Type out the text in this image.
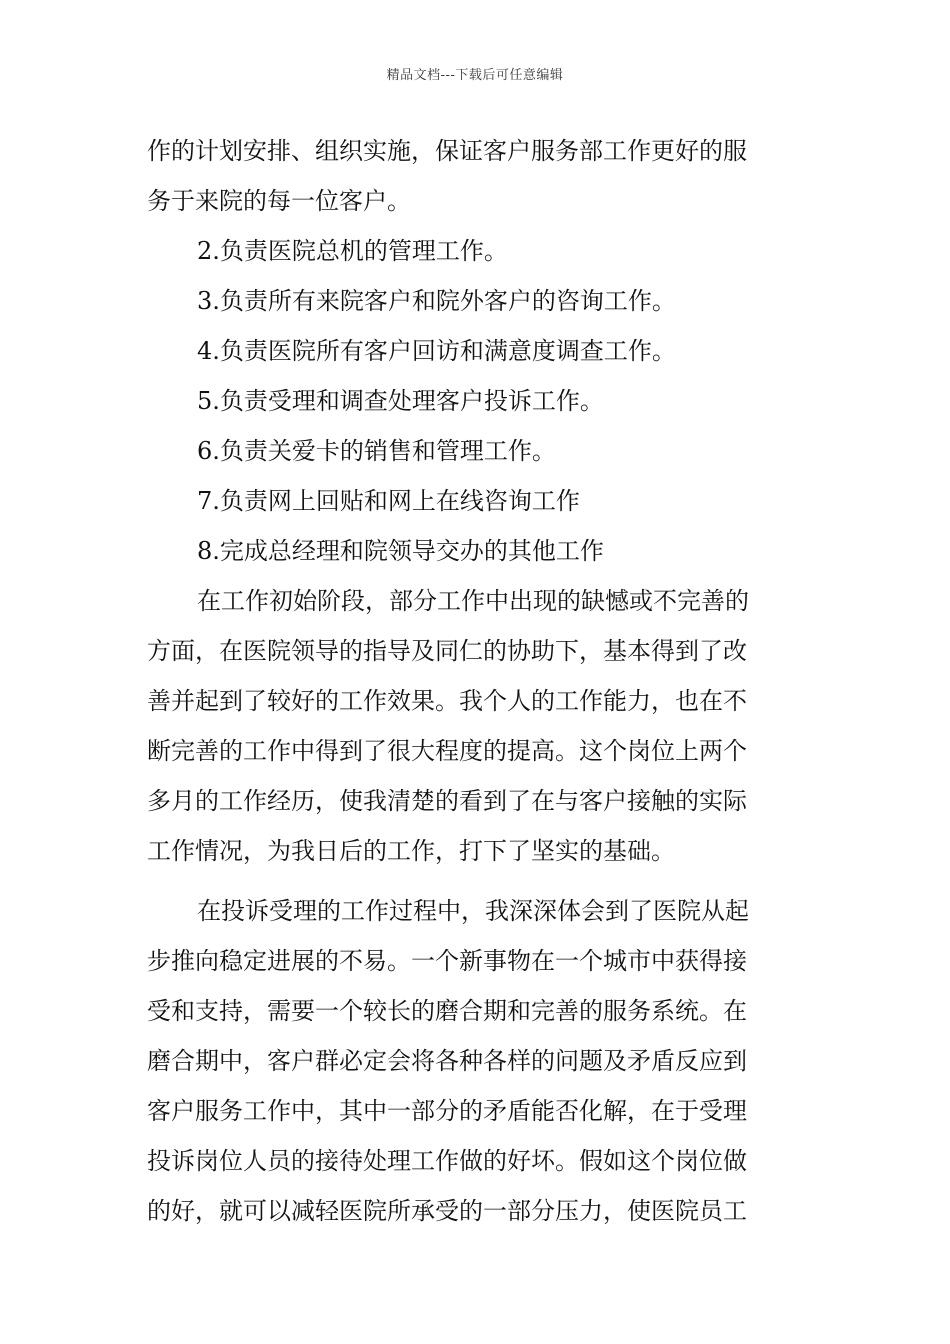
精品文档---下载后可任意编辑
作的计划安排、组织实施，保证客户服务部工作更好的服
务于来院的每一位客户。
2.负责医院总机的管理工作。
3.负责所有来院客户和院外客户的咨询工作。
4.负责医院所有客户回访和满意度调查工作。
5.负责受理和调查处理客户投诉工作。
6.负责关爱卡的销售和管理工作。
7.负责网上回贴和网上在线咨询工作
8.完成总经理和院领导交办的其他工作
在工作初始阶段，部分工作中出现的缺憾或不完善的
方面，在医院领导的指导及同仁的协助下，基本得到了改
善并起到了较好的工作效果。我个人的工作能力，也在不
断完善的工作中得到了很大程度的提高。这个岗位上两个
多月的工作经历，使我清楚的看到了在与客户接触的实际
工作情况，为我日后的工作，打下了坚实的基础。
在投诉受理的工作过程中，我深深体会到了医院从起
步推向稳定进展的不易。一个新事物在一个城市中获得接
受和支持，需要一个较长的磨合期和完善的服务系统。在
磨合期中，客户群必定会将各种各样的问题及矛盾反应到
客户服务工作中，其中一部分的矛盾能否化解，在于受理
投诉岗位人员的接待处理工作做的好坏。假如这个岗位做
的好，就可以减轻医院所承受的一部分压力，使医院员工
